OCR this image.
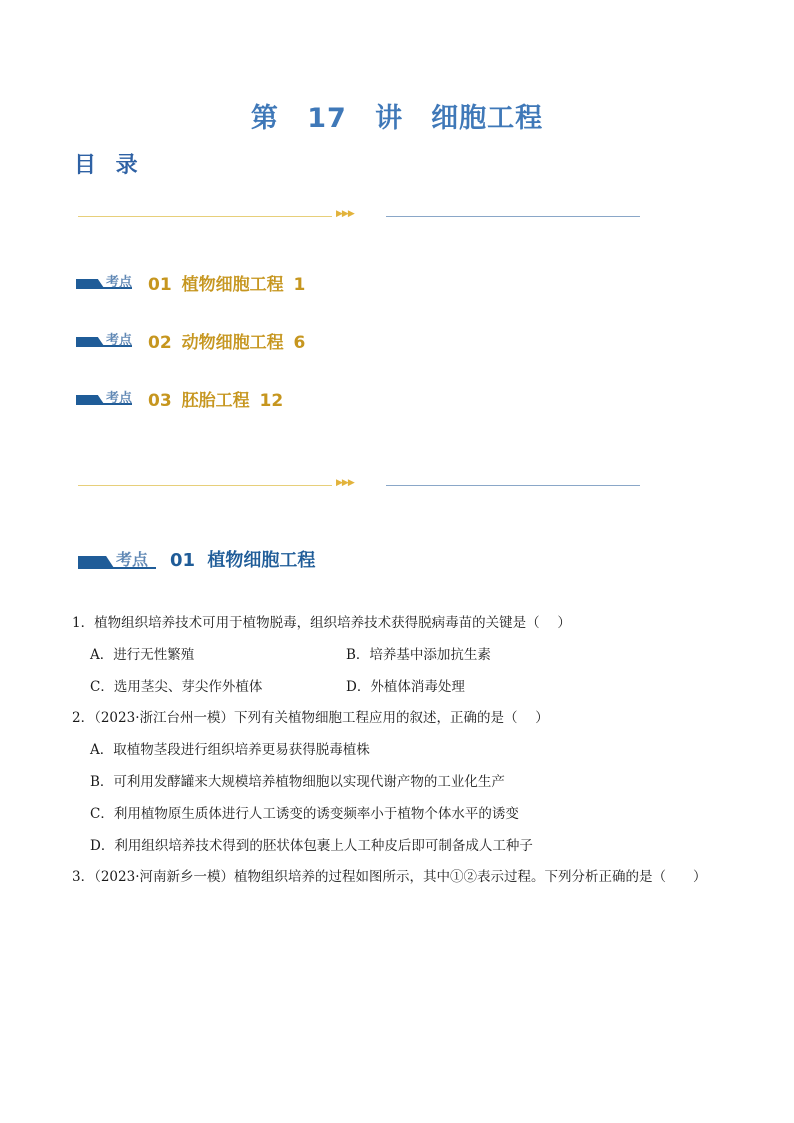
第 17 讲　细胞工程
目 录
▶▶▶
考点 01 植物细胞工程 1
考点 02 动物细胞工程 6
考点 03 胚胎工程 12
▶▶▶
考点 01 植物细胞工程
1．植物组织培养技术可用于植物脱毒，组织培养技术获得脱病毒苗的关键是（　 ）
A．进行无性繁殖	B．培养基中添加抗生素
C．选用茎尖、芽尖作外植体	D．外植体消毒处理
2．（2023·浙江台州一模）下列有关植物细胞工程应用的叙述，正确的是（　 ）
A．取植物茎段进行组织培养更易获得脱毒植株
B．可利用发酵罐来大规模培养植物细胞以实现代谢产物的工业化生产
C．利用植物原生质体进行人工诱变的诱变频率小于植物个体水平的诱变
D．利用组织培养技术得到的胚状体包裹上人工种皮后即可制备成人工种子
3．（2023·河南新乡一模）植物组织培养的过程如图所示，其中①②表示过程。下列分析正确的是（　　）
